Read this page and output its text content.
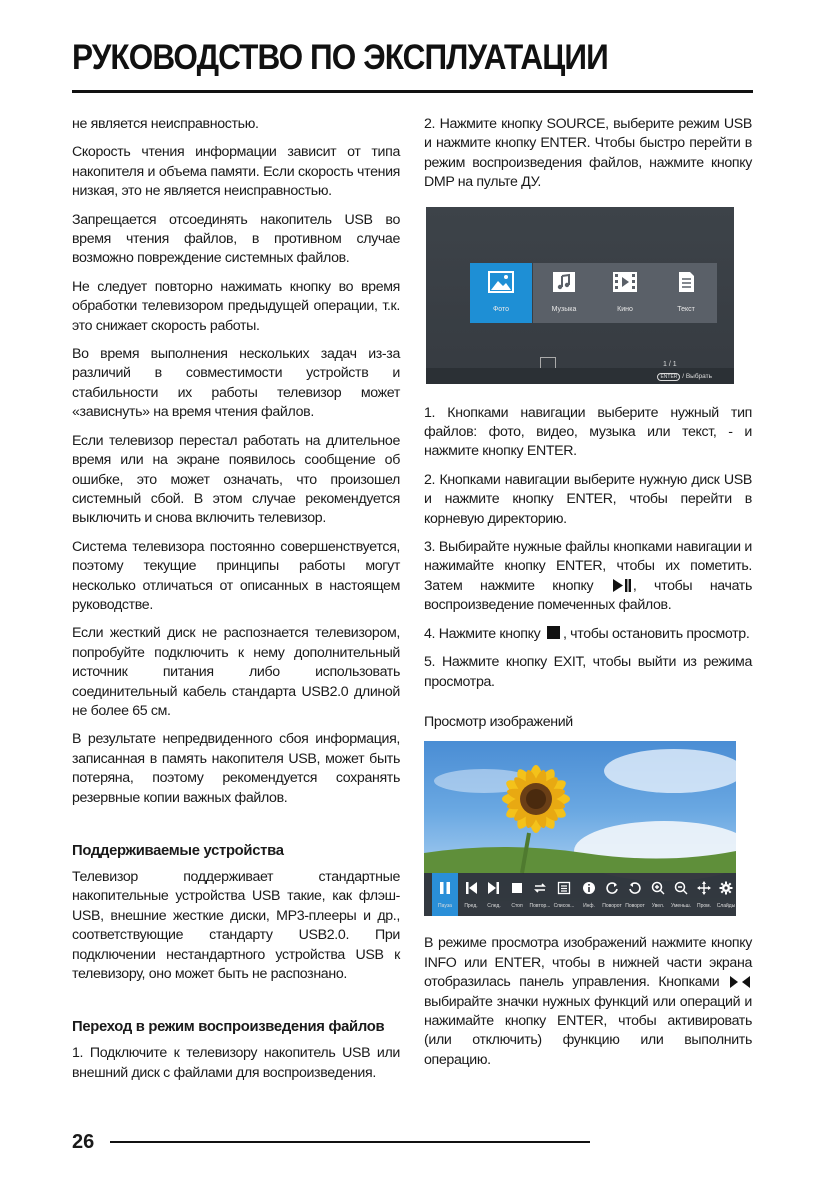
РУКОВОДСТВО ПО ЭКСПЛУАТАЦИИ

не является неисправностью.

Скорость чтения информации зависит от типа накопителя и объема памяти. Если скорость чтения низкая, это не является неисправностью.

Запрещается отсоединять накопитель USB во время чтения файлов, в противном случае возможно повреждение системных файлов.

Не следует повторно нажимать кнопку во время обработки телевизором предыдущей операции, т.к. это снижает скорость работы.

Во время выполнения нескольких задач из-за различий в совместимости устройств и стабильности их работы телевизор может «зависнуть» на время чтения файлов.

Если телевизор перестал работать на длительное время или на экране появилось сообщение об ошибке, это может означать, что произошел системный сбой. В этом случае рекомендуется выключить и снова включить телевизор.

Система телевизора постоянно совершенствуется, поэтому текущие принципы работы могут несколько отличаться от описанных в настоящем руководстве.

Если жесткий диск не распознается телевизором, попробуйте подключить к нему дополнительный источник питания либо использовать соединительный кабель стандарта USB2.0 длиной не более 65 см.

В результате непредвиденного сбоя информация, записанная в память накопителя USB, может быть потеряна, поэтому рекомендуется сохранять резервные копии важных файлов.

Поддерживаемые устройства

Телевизор поддерживает стандартные накопительные устройства USB такие, как флэш-USB, внешние жесткие диски, MP3-плееры и др., соответствующие стандарту USB2.0. При подключении нестандартного устройства USB к телевизору, оно может быть не распознано.

Переход в режим воспроизведения файлов

1. Подключите к телевизору накопитель USB или внешний диск с файлами для воспроизведения.

2. Нажмите кнопку SOURCE, выберите режим USB и нажмите кнопку ENTER. Чтобы быстро перейти в режим воспроизведения файлов, нажмите кнопку DMP на пульте ДУ.

Фото	Музыка	Кино	Текст
1 / 1
ENTER / Выбрать

1. Кнопками навигации выберите нужный тип файлов: фото, видео, музыка или текст, - и нажмите кнопку ENTER.

2. Кнопками навигации выберите нужную диск USB и нажмите кнопку ENTER, чтобы перейти в корневую директорию.

3. Выбирайте нужные файлы кнопками навигации и нажимайте кнопку ENTER, чтобы их пометить. Затем нажмите кнопку	, чтобы начать воспроизведение помеченных файлов.

4. Нажмите кнопку , чтобы остановить просмотр.

5. Нажмите кнопку EXIT, чтобы выйти из режима просмотра.

Просмотр изображений

Пауза	Пред.	След.	Стоп	Повтор... Список...	Инф.	Поворот Поворот	Увел.	Уменьш.	Пром.	Слайды

В режиме просмотра изображений нажмите кнопку INFO или ENTER, чтобы в нижней части экрана отобразилась панель управления. Кнопками  выбирайте значки нужных функций или операций и нажимайте кнопку ENTER, чтобы активировать (или отключить) функцию или выполнить операцию.

26
